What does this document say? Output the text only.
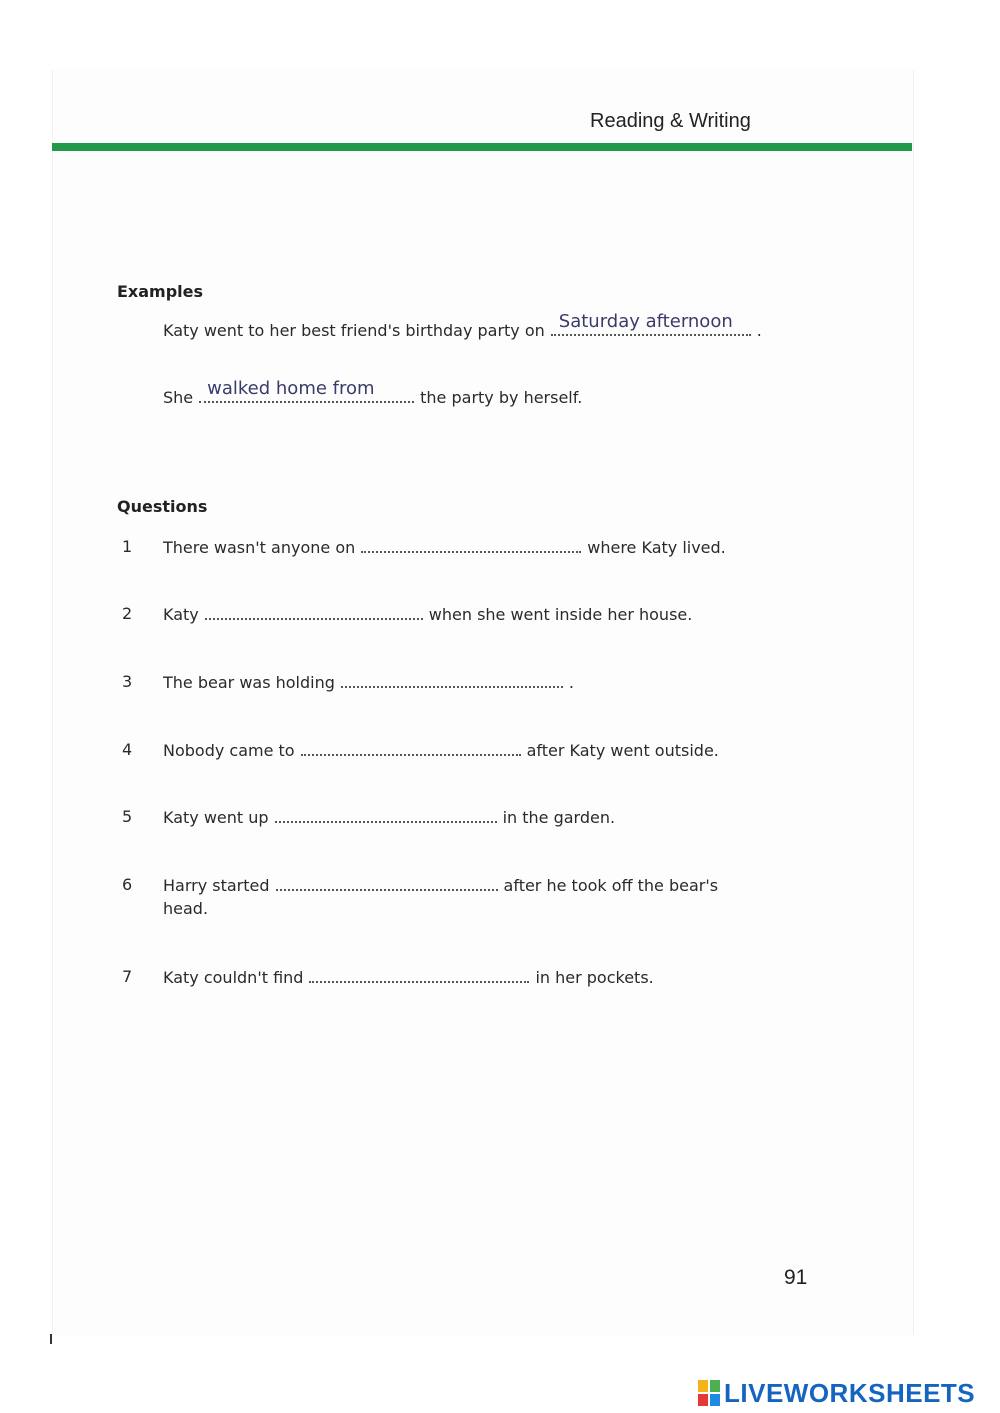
Reading & Writing
Examples
Katy went to her best friend's birthday party on Saturday afternoon .
She walked home from	the party by herself.
Questions
1 There wasn't anyone on	where Katy lived.
2 Katy	when she went inside her house.
3 The bear was holding	.
4 Nobody came to	after Katy went outside.
5 Katy went up	in the garden.
6 Harry started	after he took off the bear's
head.
7 Katy couldn't find	in her pockets.
91
LIVEWORKSHEETS
